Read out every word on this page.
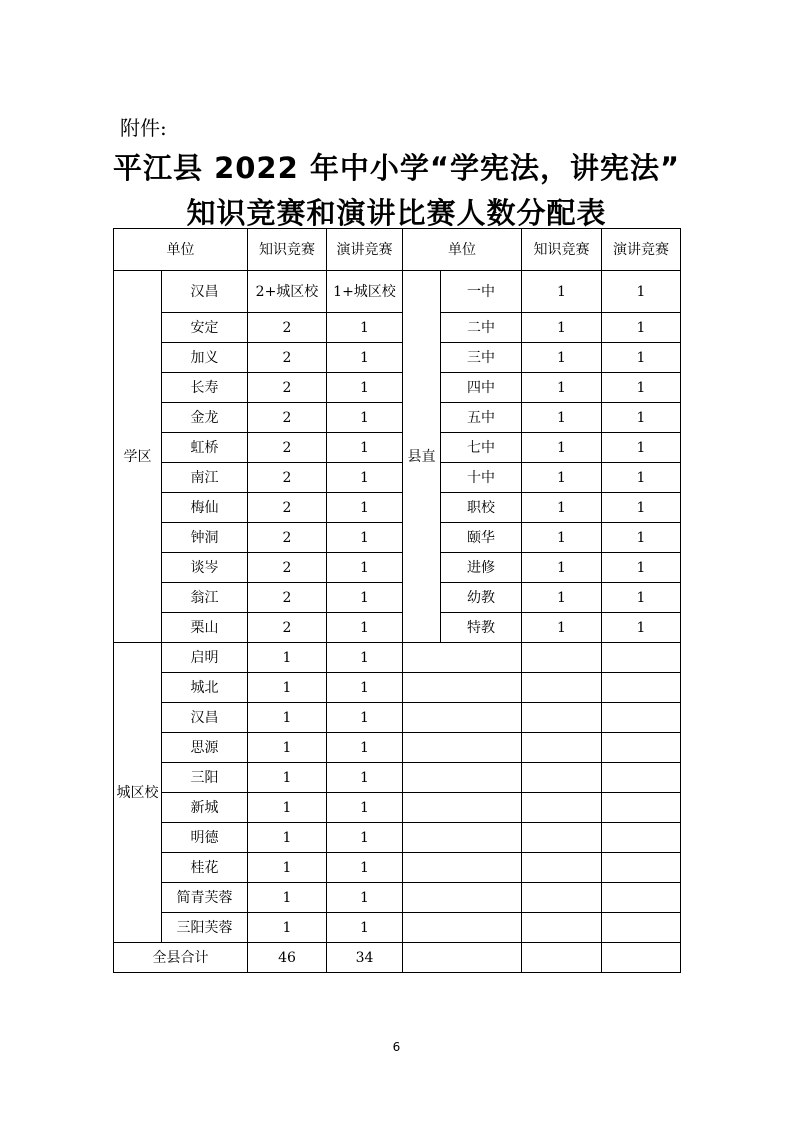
附件:
平江县 2022 年中小学“学宪法，讲宪法”
知识竞赛和演讲比赛人数分配表
单位		知识竞赛	演讲竞赛	单位		知识竞赛	演讲竞赛
学区	汉昌	2+城区校	1+城区校	县直	一中	1	1
	安定	2	1		二中	1	1
	加义	2	1		三中	1	1
	长寿	2	1		四中	1	1
	金龙	2	1		五中	1	1
	虹桥	2	1		七中	1	1
	南江	2	1		十中	1	1
	梅仙	2	1		职校	1	1
	钟洞	2	1		颐华	1	1
	谈岑	2	1		进修	1	1
	翁江	2	1		幼教	1	1
	栗山	2	1		特教	1	1
城区校	启明	1	1				
	城北	1	1				
	汉昌	1	1				
	思源	1	1				
	三阳	1	1				
	新城	1	1				
	明德	1	1				
	桂花	1	1				
	简青芙蓉	1	1				
	三阳芙蓉	1	1				
全县合计		46	34				
6
